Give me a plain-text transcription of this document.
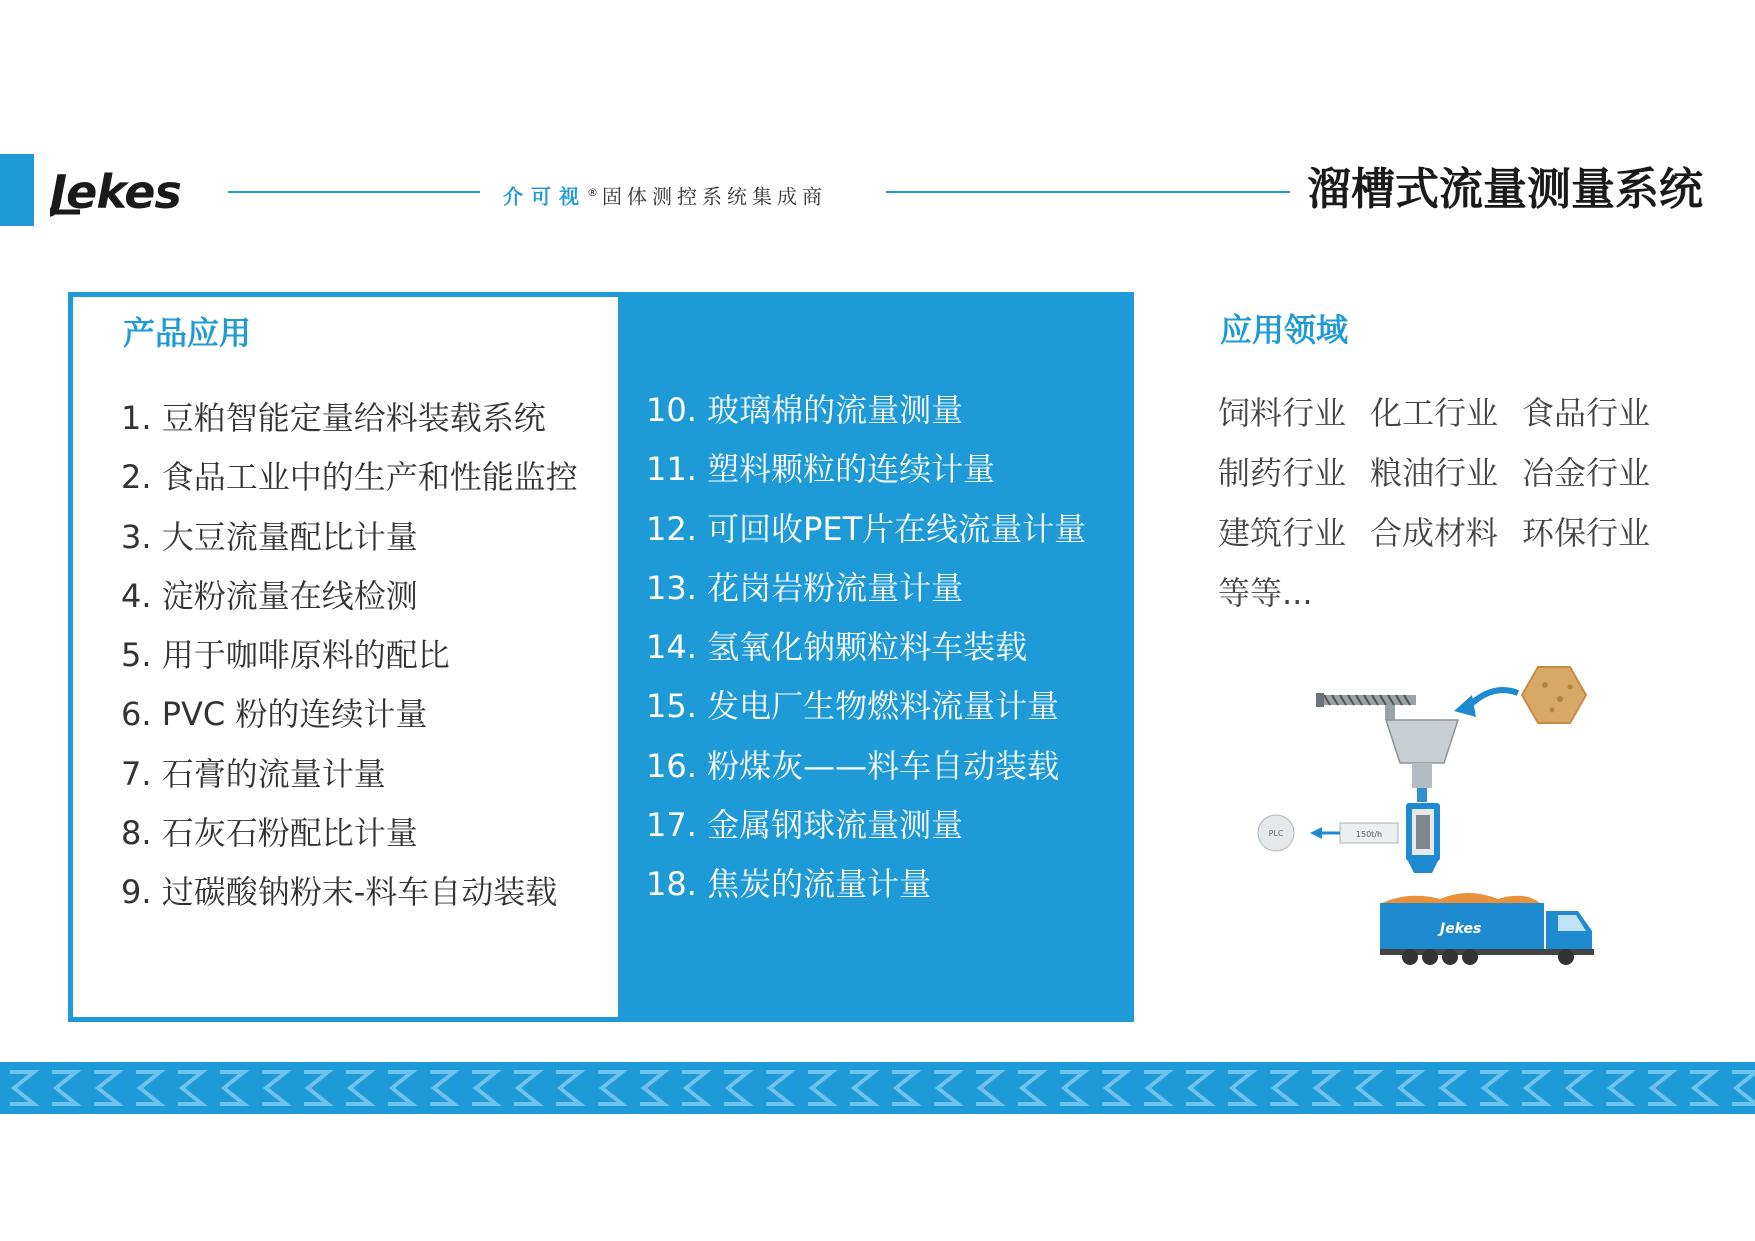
Jekes	介可视® 固体测控系统集成商	溜槽式流量测量系统
产品应用
1. 豆粕智能定量给料装载系统
2. 食品工业中的生产和性能监控
3. 大豆流量配比计量
4. 淀粉流量在线检测
5. 用于咖啡原料的配比
6. PVC 粉的连续计量
7. 石膏的流量计量
8. 石灰石粉配比计量
9. 过碳酸钠粉末-料车自动装载
10. 玻璃棉的流量测量
11. 塑料颗粒的连续计量
12. 可回收PET片在线流量计量
13. 花岗岩粉流量计量
14. 氢氧化钠颗粒料车装载
15. 发电厂生物燃料流量计量
16. 粉煤灰——料车自动装载
17. 金属钢球流量测量
18. 焦炭的流量计量
应用领域
饲料行业 化工行业 食品行业
制药行业 粮油行业 冶金行业
建筑行业 合成材料 环保行业
等等...
150t/h
PLC
Jekes
